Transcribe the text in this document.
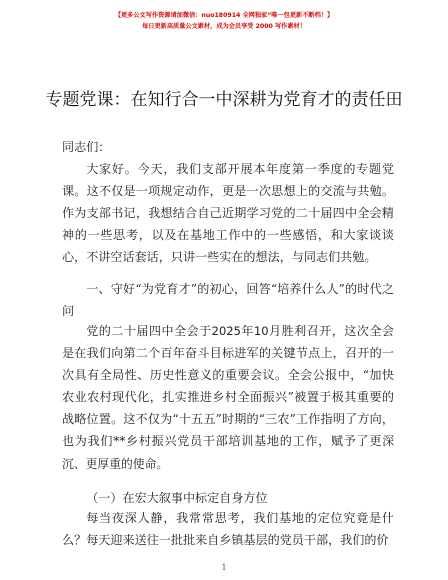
【更多公文写作资源请加微信：nuo180914 全网独家“唯一包更新不断档！】
每日更新高质量公文素材，成为会员享受 2000 写作素材！
专题党课：在知行合一中深耕为党育才的责任田

同志们：

大家好。今天，我们支部开展本年度第一季度的专题党课。这不仅是一项规定动作，更是一次思想上的交流与共勉。作为支部书记，我想结合自己近期学习党的二十届四中全会精神的一些思考，以及在基地工作中的一些感悟，和大家谈谈心，不讲空话套话，只讲一些实在的想法，与同志们共勉。

一、守好“为党育才”的初心，回答“培养什么人”的时代之问

党的二十届四中全会于2025年10月胜利召开，这次全会是在我们向第二个百年奋斗目标进军的关键节点上，召开的一次具有全局性、历史性意义的重要会议。全会公报中，“加快农业农村现代化，扎实推进乡村全面振兴”被置于极其重要的战略位置。这不仅为“十五五”时期的“三农”工作指明了方向，也为我们**乡村振兴党员干部培训基地的工作，赋予了更深沉、更厚重的使命。

（一）在宏大叙事中标定自身方位

每当夜深人静，我常常思考，我们基地的定位究竟是什么？每天迎来送往一批批来自乡镇基层的党员干部，我们的价

1
